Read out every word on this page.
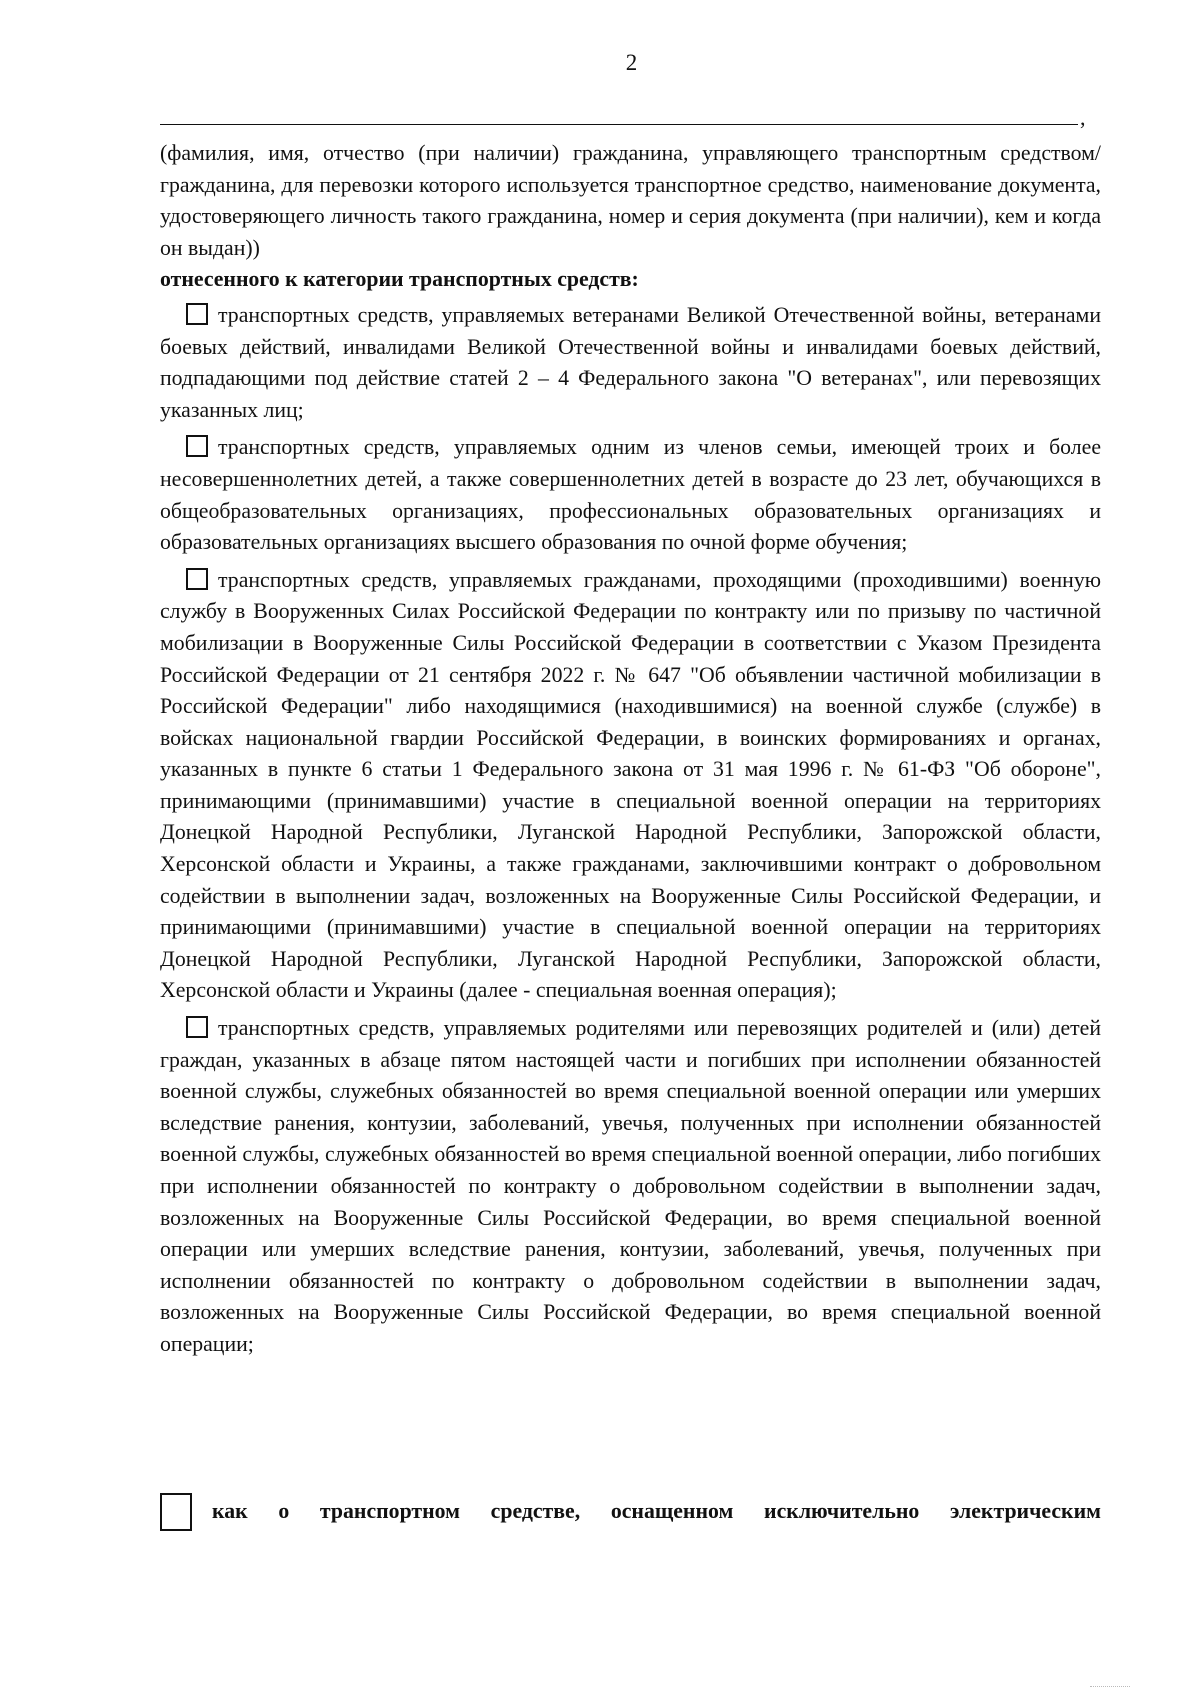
2
,

(фамилия, имя, отчество (при наличии) гражданина, управляющего транспортным средством/гражданина, для перевозки которого используется транспортное средство, наименование документа, удостоверяющего личность такого гражданина, номер и серия документа (при наличии), кем и когда он выдан))

отнесенного к категории транспортных средств:

транспортных средств, управляемых ветеранами Великой Отечественной войны, ветеранами боевых действий, инвалидами Великой Отечественной войны и инвалидами боевых действий, подпадающими под действие статей 2 – 4 Федерального закона "О ветеранах", или перевозящих указанных лиц;

транспортных средств, управляемых одним из членов семьи, имеющей троих и более несовершеннолетних детей, а также совершеннолетних детей в возрасте до 23 лет, обучающихся в общеобразовательных организациях, профессиональных образовательных организациях и образовательных организациях высшего образования по очной форме обучения;

транспортных средств, управляемых гражданами, проходящими (проходившими) военную службу в Вооруженных Силах Российской Федерации по контракту или по призыву по частичной мобилизации в Вооруженные Силы Российской Федерации в соответствии с Указом Президента Российской Федерации от 21 сентября 2022 г. № 647 "Об объявлении частичной мобилизации в Российской Федерации" либо находящимися (находившимися) на военной службе (службе) в войсках национальной гвардии Российской Федерации, в воинских формированиях и органах, указанных в пункте 6 статьи 1 Федерального закона от 31 мая 1996 г. № 61-ФЗ "Об обороне", принимающими (принимавшими) участие в специальной военной операции на территориях Донецкой Народной Республики, Луганской Народной Республики, Запорожской области, Херсонской области и Украины, а также гражданами, заключившими контракт о добровольном содействии в выполнении задач, возложенных на Вооруженные Силы Российской Федерации, и принимающими (принимавшими) участие в специальной военной операции на территориях Донецкой Народной Республики, Луганской Народной Республики, Запорожской области, Херсонской области и Украины (далее - специальная военная операция);

транспортных средств, управляемых родителями или перевозящих родителей и (или) детей граждан, указанных в абзаце пятом настоящей части и погибших при исполнении обязанностей военной службы, служебных обязанностей во время специальной военной операции или умерших вследствие ранения, контузии, заболеваний, увечья, полученных при исполнении обязанностей военной службы, служебных обязанностей во время специальной военной операции, либо погибших при исполнении обязанностей по контракту о добровольном содействии в выполнении задач, возложенных на Вооруженные Силы Российской Федерации, во время специальной военной операции или умерших вследствие ранения, контузии, заболеваний, увечья, полученных при исполнении обязанностей по контракту о добровольном содействии в выполнении задач, возложенных на Вооруженные Силы Российской Федерации, во время специальной военной операции;

как о транспортном средстве, оснащенном исключительно электрическим
